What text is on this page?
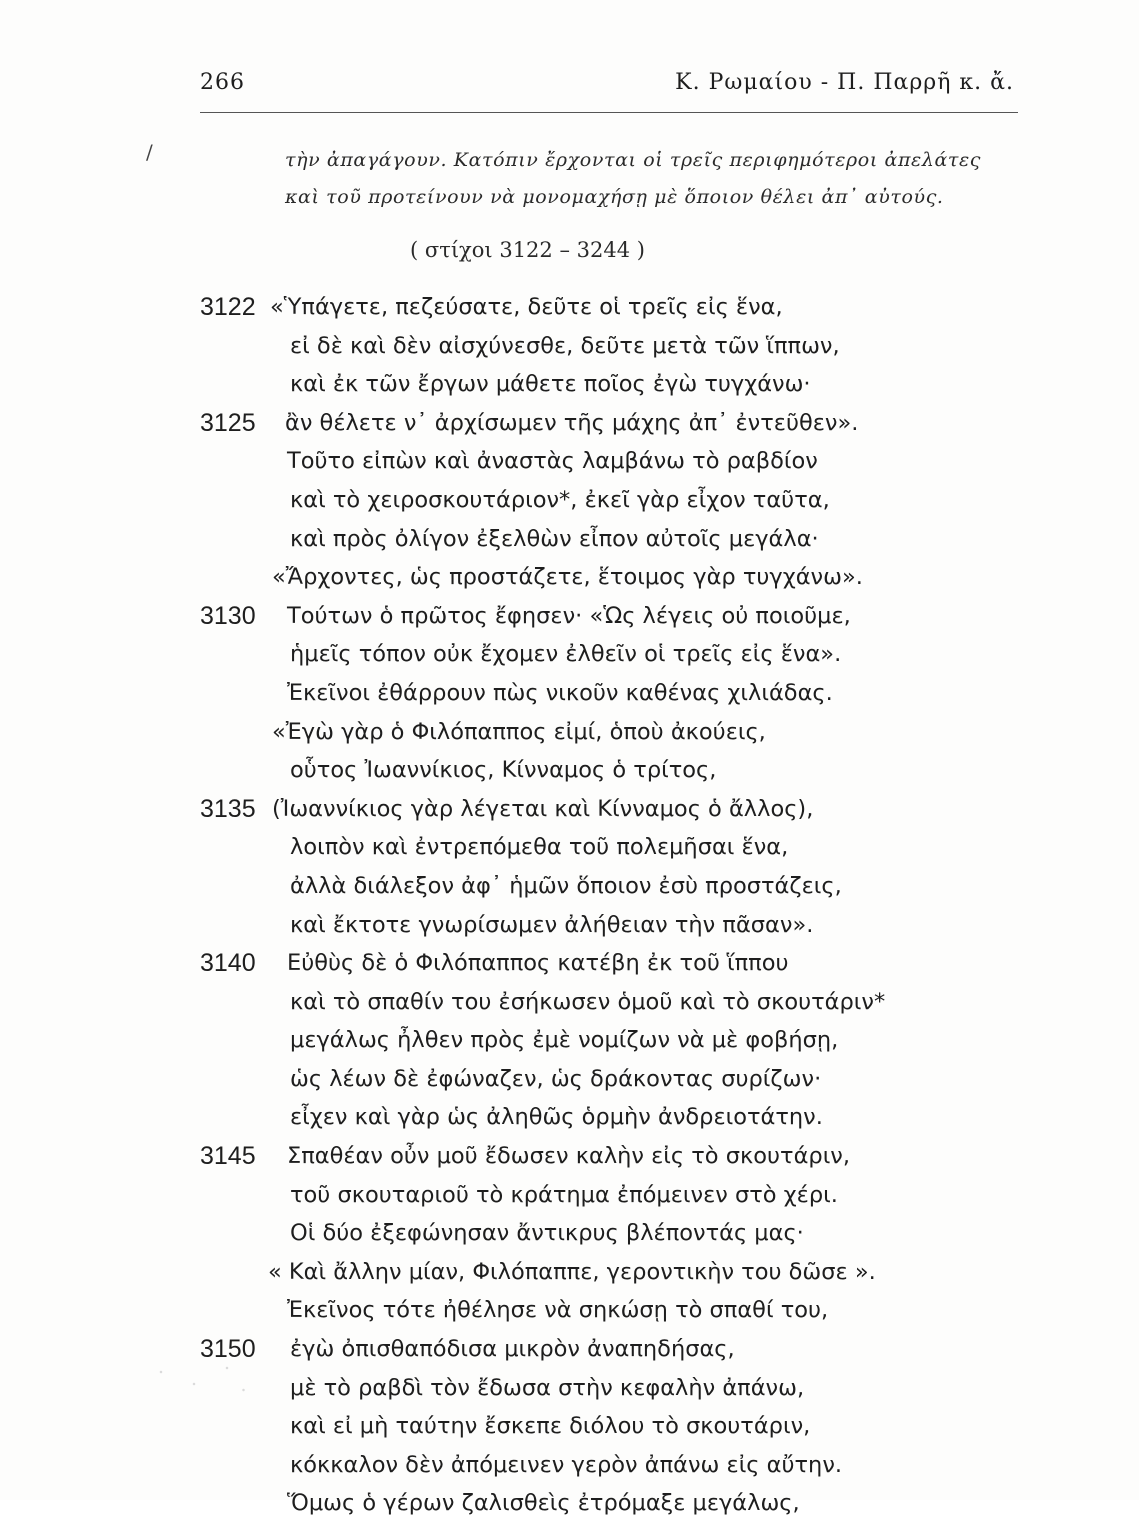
266	Κ. Ρωμαίου - Π. Παρρῆ κ. ἄ.
/	τὴν ἀπαγάγουν. Κατόπιν ἔρχονται οἱ τρεῖς περιφημότεροι ἀπελάτες
καὶ τοῦ προτείνουν νὰ μονομαχήσῃ μὲ ὅποιον θέλει ἀπ᾽ αὐτούς.
( στίχοι 3122 – 3244 )
3122 «Ὑπάγετε, πεζεύσατε, δεῦτε οἱ τρεῖς εἰς ἕνα,
εἰ δὲ καὶ δὲν αἰσχύνεσθε, δεῦτε μετὰ τῶν ἵππων,
καὶ ἐκ τῶν ἔργων μάθετε ποῖος ἐγὼ τυγχάνω·
3125 ἂν θέλετε ν᾽ ἀρχίσωμεν τῆς μάχης ἀπ᾽ ἐντεῦθεν».
Τοῦτο εἰπὼν καὶ ἀναστὰς λαμβάνω τὸ ραβδίον
καὶ τὸ χειροσκουτάριον*, ἐκεῖ γὰρ εἶχον ταῦτα,
καὶ πρὸς ὀλίγον ἐξελθὼν εἶπον αὐτοῖς μεγάλα·
«Ἄρχοντες, ὡς προστάζετε, ἕτοιμος γὰρ τυγχάνω».
3130 Τούτων ὁ πρῶτος ἔφησεν· «Ὡς λέγεις οὐ ποιοῦμε,
ἡμεῖς τόπον οὐκ ἔχομεν ἐλθεῖν οἱ τρεῖς εἰς ἕνα».
Ἐκεῖνοι ἐθάρρουν πὼς νικοῦν καθένας χιλιάδας.
«Ἐγὼ γὰρ ὁ Φιλόπαππος εἰμί, ὁποὺ ἀκούεις,
οὗτος Ἰωαννίκιος, Κίνναμος ὁ τρίτος,
3135 (Ἰωαννίκιος γὰρ λέγεται καὶ Κίνναμος ὁ ἄλλος),
λοιπὸν καὶ ἐντρεπόμεθα τοῦ πολεμῆσαι ἕνα,
ἀλλὰ διάλεξον ἀφ᾽ ἡμῶν ὅποιον ἐσὺ προστάζεις,
καὶ ἔκτοτε γνωρίσωμεν ἀλήθειαν τὴν πᾶσαν».
3140 Εὐθὺς δὲ ὁ Φιλόπαππος κατέβη ἐκ τοῦ ἵππου
καὶ τὸ σπαθίν του ἐσήκωσεν ὁμοῦ καὶ τὸ σκουτάριν*
μεγάλως ἦλθεν πρὸς ἐμὲ νομίζων νὰ μὲ φοβήσῃ,
ὡς λέων δὲ ἐφώναζεν, ὡς δράκοντας συρίζων·
εἶχεν καὶ γὰρ ὡς ἀληθῶς ὁρμὴν ἀνδρειοτάτην.
3145 Σπαθέαν οὖν μοῦ ἔδωσεν καλὴν εἰς τὸ σκουτάριν,
τοῦ σκουταριοῦ τὸ κράτημα ἐπόμεινεν στὸ χέρι.
Οἱ δύο ἐξεφώνησαν ἄντικρυς βλέποντάς μας·
« Καὶ ἄλλην μίαν, Φιλόπαππε, γεροντικὴν του δῶσε ».
Ἐκεῖνος τότε ἠθέλησε νὰ σηκώσῃ τὸ σπαθί του,
3150 ἐγὼ ὀπισθαπόδισα μικρὸν ἀναπηδήσας,
μὲ τὸ ραβδὶ τὸν ἔδωσα στὴν κεφαλὴν ἀπάνω,
καὶ εἰ μὴ ταύτην ἔσκεπε διόλου τὸ σκουτάριν,
κόκκαλον δὲν ἀπόμεινεν γερὸν ἀπάνω εἰς αὔτην.
Ὅμως ὁ γέρων ζαλισθεὶς ἐτρόμαξε μεγάλως,
